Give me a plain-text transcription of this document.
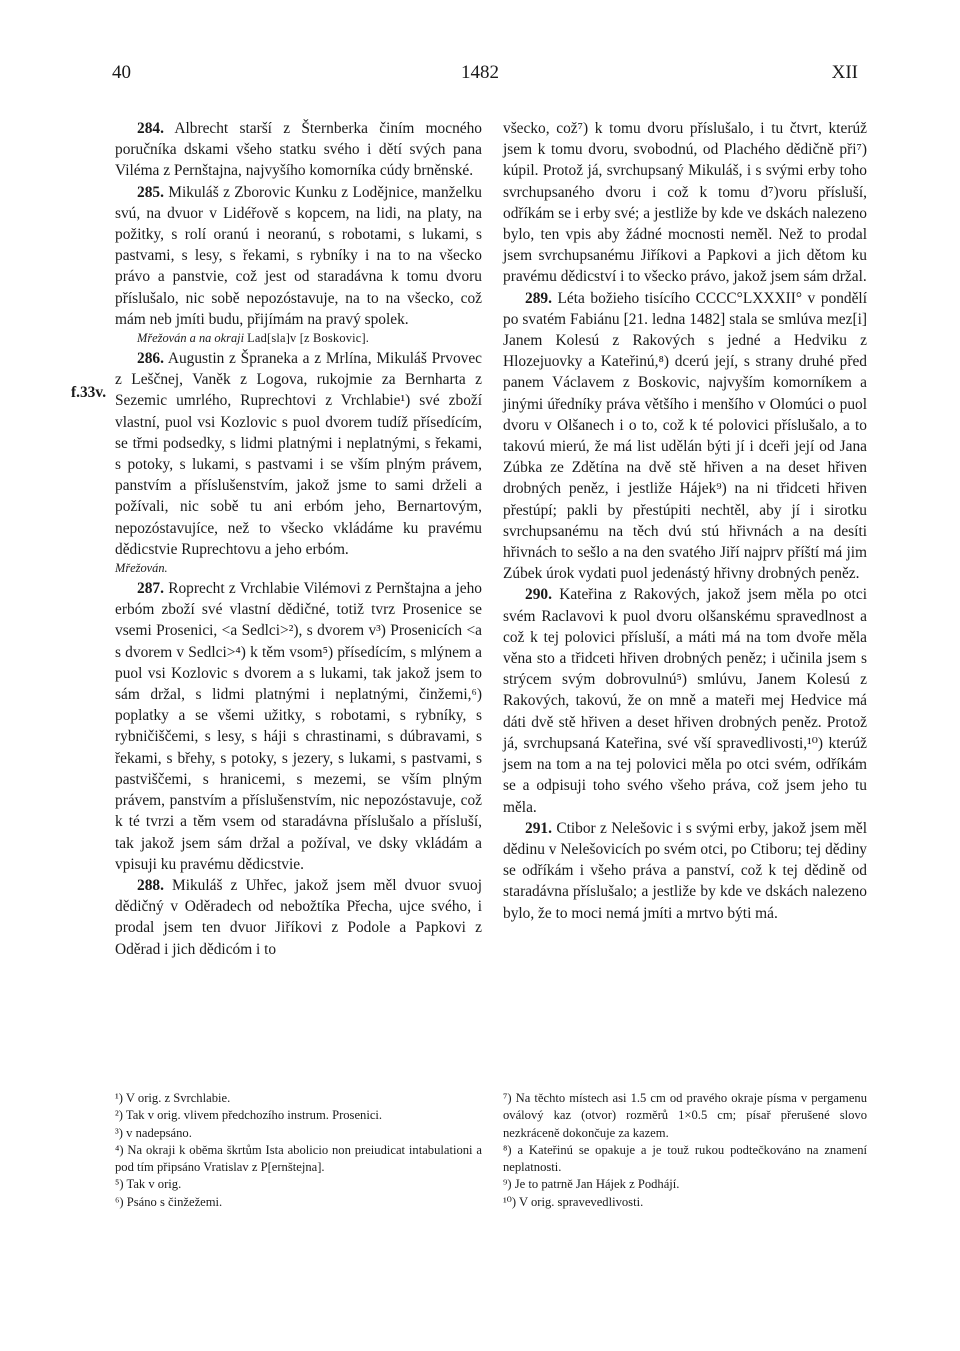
40	1482	XII
f.33v.

284. Albrecht starší z Šternberka činím mocného poručníka dskami všeho statku svého i dětí svých pana Viléma z Pernštajna, najvyšího komorníka cúdy brněnské.

285. Mikuláš z Zborovic Kunku z Lodějnice, manželku svú, na dvuor v Lidéřově s kopcem, na lidi, na platy, na požitky, s rolí oranú i neoranú, s robotami, s lukami, s pastvami, s lesy, s řekami, s rybníky i na to na všecko právo a panstvie, což jest od staradávna k tomu dvoru příslušalo, nic sobě nepozóstavuje, na to na všecko, což mám neb jmíti budu, přijímám na pravý spolek.

Mřežován a na okraji Lad[sla]v [z Boskovic].

286. Augustin z Špraneka a z Mrlína, Mikuláš Prvovec z Leščnej, Vaněk z Logova, rukojmie za Bernharta z Sezemic umrlého, Ruprechtovi z Vrchlabie¹) své zboží vlastní, puol vsi Kozlovic s puol dvorem tudíž přísedícím, se třmi podsedky, s lidmi platnými i neplatnými, s řekami, s potoky, s lukami, s pastvami i se vším plným právem, panstvím a příslušenstvím, jakož jsme to sami drželi a požívali, nic sobě tu ani erbóm jeho, Bernartovým, nepozóstavujíce, než to všecko vkládáme ku pravému dědicstvie Ruprechtovu a jeho erbóm.

Mřežován.

287. Roprecht z Vrchlabie Vilémovi z Pernštajna a jeho erbóm zboží své vlastní dědičné, totiž tvrz Prosenice se vsemi Prosenici, <a Sedlci>²), s dvorem v³) Prosenicích <a s dvorem v Sedlci>⁴) k těm vsom⁵) přísedícím, s mlýnem a puol vsi Kozlovic s dvorem a s lukami, tak jakož jsem to sám držal, s lidmi platnými i neplatnými, činžemi,⁶) poplatky a se všemi užitky, s robotami, s rybníky, s rybničiščemi, s lesy, s háji s chrastinami, s dúbravami, s řekami, s břehy, s potoky, s jezery, s lukami, s pastvami, s pastviščemi, s hranicemi, s mezemi, se vším plným právem, panstvím a příslušenstvím, nic nepozóstavuje, což k té tvrzi a těm vsem od staradávna příslušalo a přísluší, tak jakož jsem sám držal a požíval, ve dsky vkládám a vpisuji ku pravému dědicstvie.

288. Mikuláš z Uhřec, jakož jsem měl dvuor svuoj dědičný v Oděradech od nebožtíka Přecha, ujce svého, i prodal jsem ten dvuor Jiříkovi z Podole a Papkovi z Oděrad i jich dědicóm i to

všecko, což⁷) k tomu dvoru příslušalo, i tu čtvrt, kterúž jsem k tomu dvoru, svobodnú, od Plachého dědičně při⁷) kúpil. Protož já, svrchupsaný Mikuláš, i s svými erby toho svrchupsaného dvoru i což k tomu d⁷)voru přísluší, odříkám se i erby své; a jestliže by kde ve dskách nalezeno bylo, ten vpis aby žádné mocnosti neměl. Než to prodal jsem svrchupsanému Jiříkovi a Papkovi a jich dětom ku pravému dědicství i to všecko právo, jakož jsem sám držal.

289. Léta božieho tisícího CCCC°LXXXII° v pondělí po svatém Fabiánu [21. ledna 1482] stala se smlúva mez[i] Janem Kolesú z Rakových s jedné a Hedviku z Hlozejuovky a Kateřinú,⁸) dcerú její, s strany druhé před panem Václavem z Boskovic, najvyším komorníkem a jinými úředníky práva většího i menšího v Olomúci o puol dvoru v Olšanech i o to, což k té polovici příslušalo, a to takovú mierú, že má list udělán býti jí i dceři její od Jana Zúbka ze Zdětína na dvě stě hřiven a na deset hřiven drobných peněz, i jestliže Hájek⁹) na ni třidceti hřiven přestúpí; pakli by přestúpiti nechtěl, aby jí i sirotku svrchupsanému na těch dvú stú hřivnách a na desíti hřivnách to sešlo a na den svatého Jiří najprv příští má jim Zúbek úrok vydati puol jedenástý hřivny drobných peněz.

290. Kateřina z Rakových, jakož jsem měla po otci svém Raclavovi k puol dvoru olšanskému spravedlnost a což k tej polovici přísluší, a máti má na tom dvoře měla věna sto a třidceti hřiven drobných peněz; i učinila jsem s strýcem svým dobrovulnú⁵) smlúvu, Janem Kolesú z Rakových, takovú, že on mně a mateři mej Hedvice má dáti dvě stě hřiven a deset hřiven drobných peněz. Protož já, svrchupsaná Kateřina, své vší spravedlivosti,¹⁰) kterúž jsem na tom a na tej polovici měla po otci svém, odříkám se a odpisuji toho svého všeho práva, což jsem jeho tu měla.

291. Ctibor z Nelešovic i s svými erby, jakož jsem měl dědinu v Nelešovicích po svém otci, po Ctiboru; tej dědiny se odříkám i všeho práva a panství, což k tej dědině od staradávna příslušalo; a jestliže by kde ve dskách nalezeno bylo, že to moci nemá jmíti a mrtvo býti má.

¹) V orig. z Svrchlabie.

²) Tak v orig. vlivem předchozího instrum. Prosenici.

³) v nadepsáno.

⁴) Na okraji k oběma škrtům Ista abolicio non preiudicat intabulationi a pod tím připsáno Vratislav z P[ernštejna].

⁵) Tak v orig.

⁶) Psáno s činžežemi.

⁷) Na těchto místech asi 1.5 cm od pravého okraje písma v pergamenu oválový kaz (otvor) rozměrů 1×0.5 cm; písař přerušené slovo nezkráceně dokončuje za kazem.

⁸) a Kateřinú se opakuje a je touž rukou podtečkováno na znamení neplatnosti.

⁹) Je to patrně Jan Hájek z Podhájí.

¹⁰) V orig. spravevedlivosti.
